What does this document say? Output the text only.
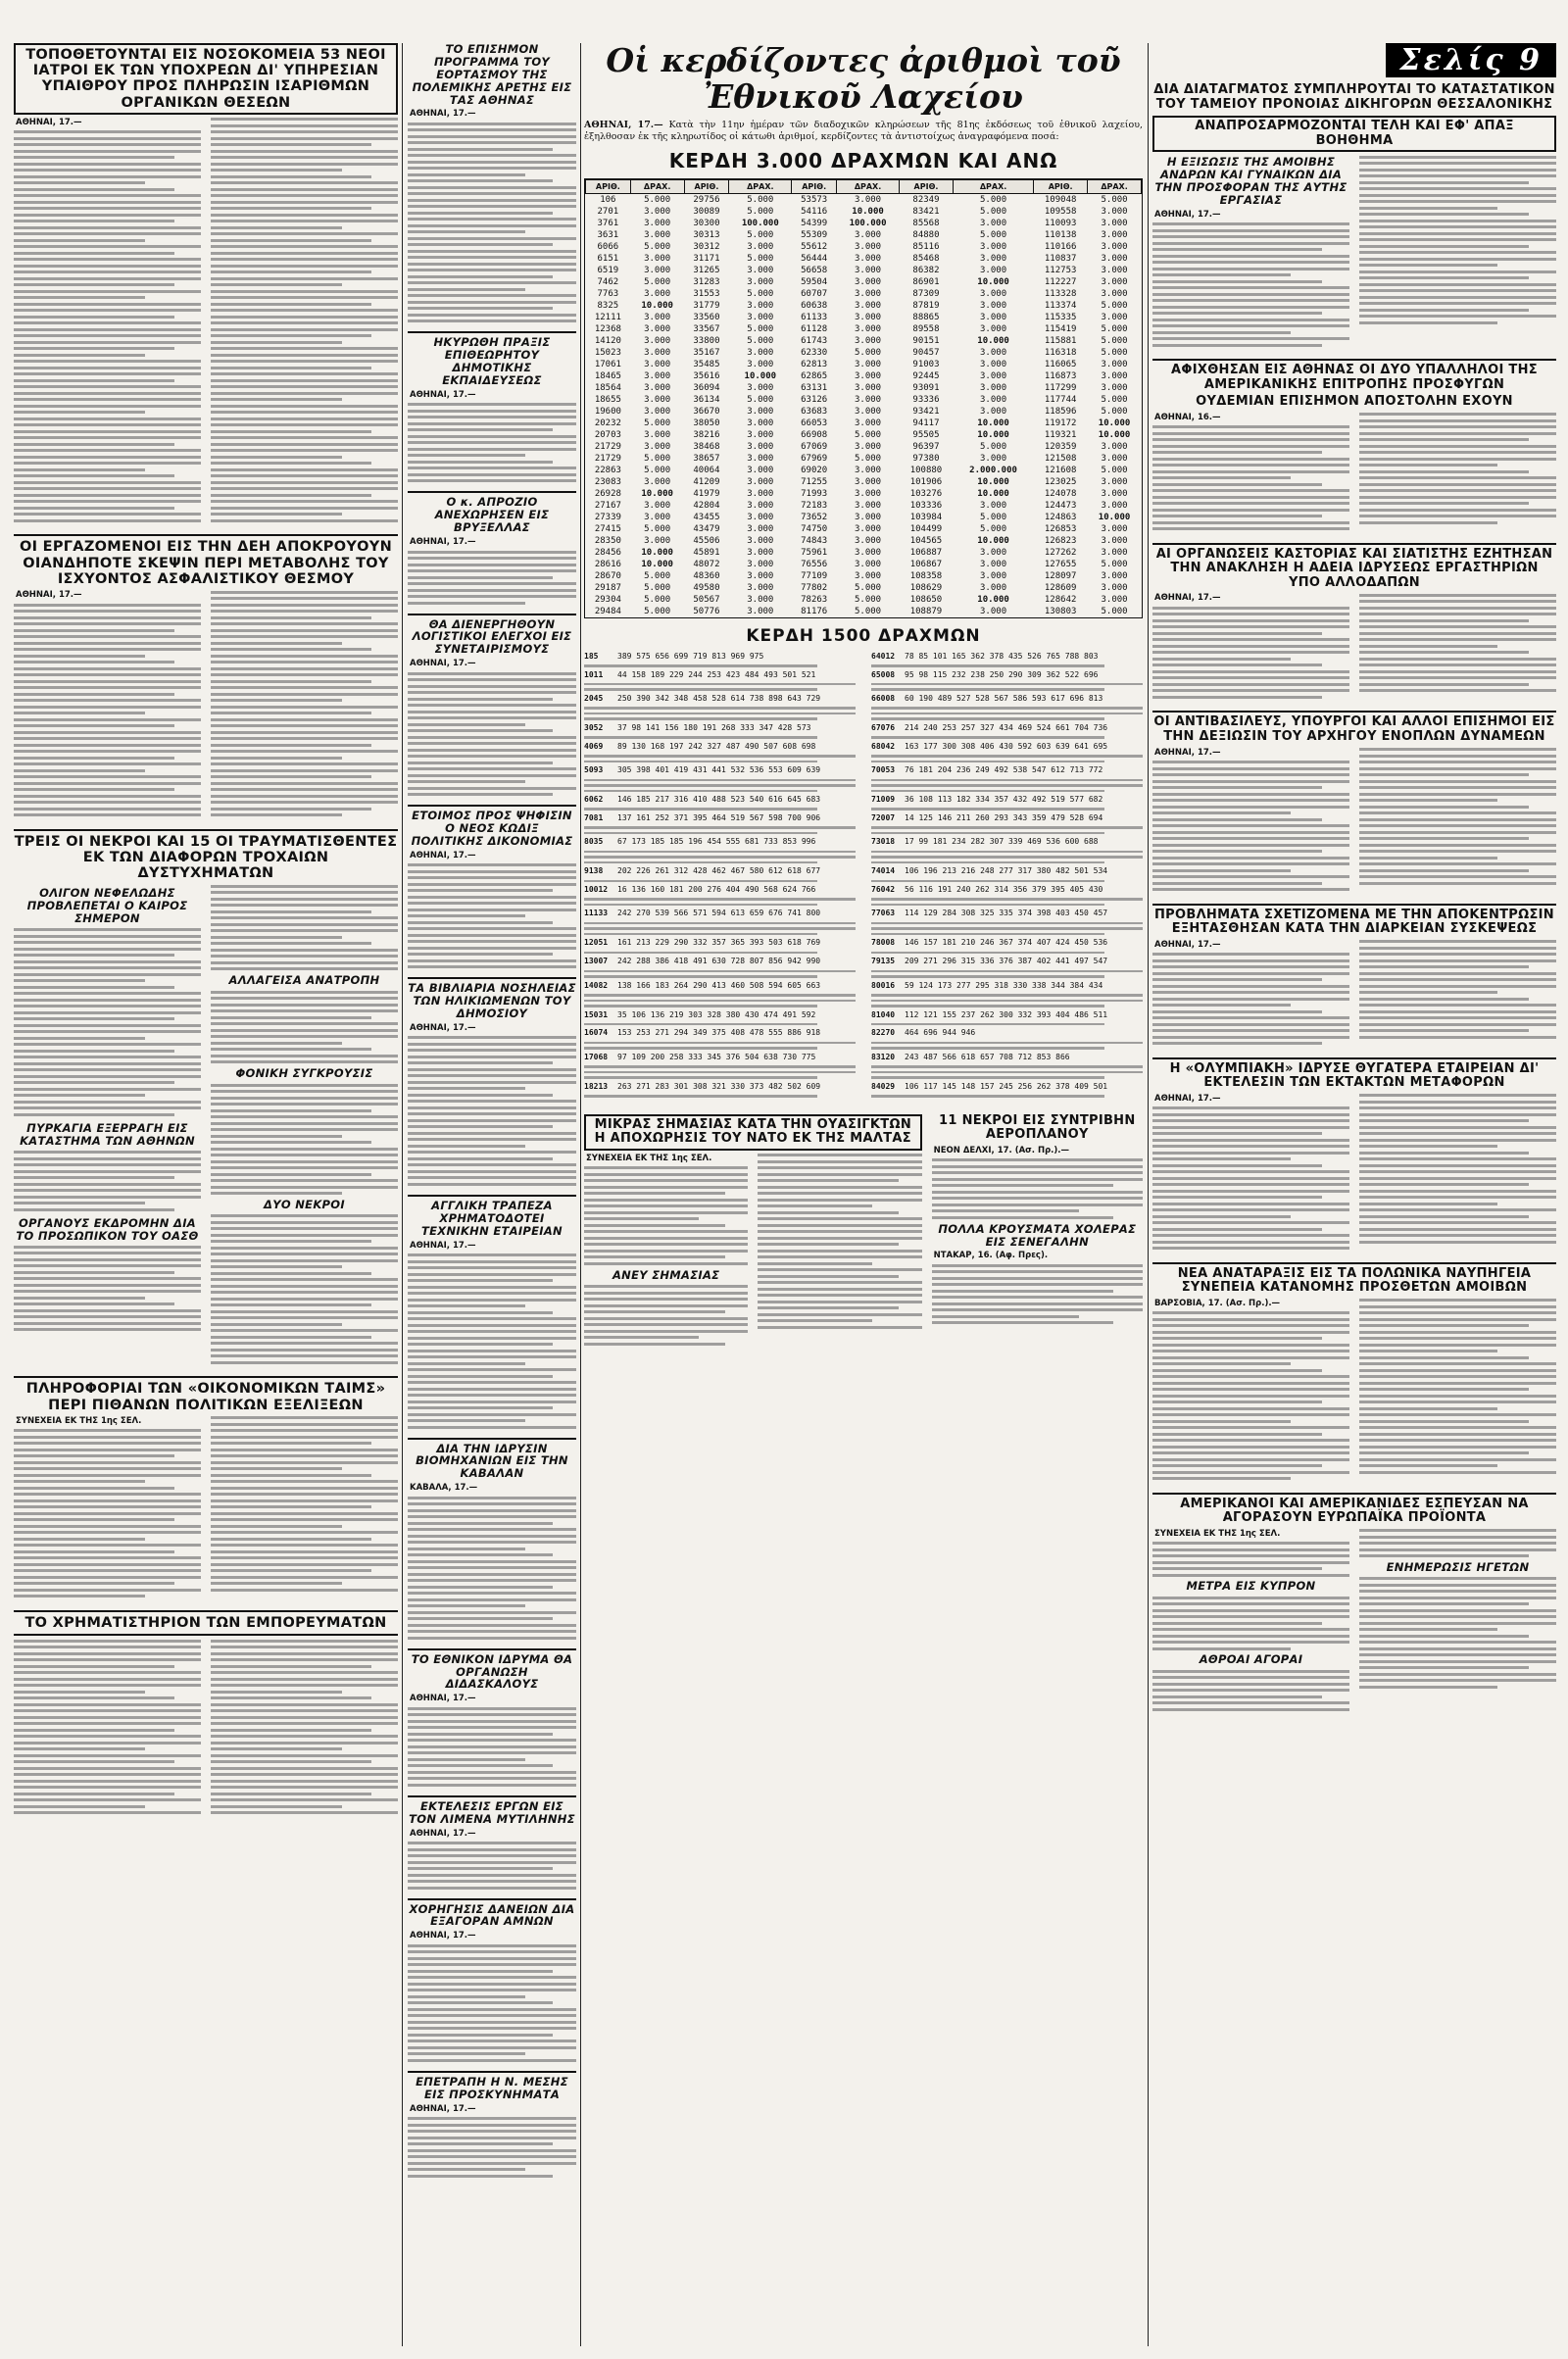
ΤΟΠΟΘΕΤΟΥΝΤΑΙ ΕΙΣ ΝΟΣΟΚΟΜΕΙΑ 53 ΝΕΟΙ ΙΑΤΡΟΙ ΕΚ ΤΩΝ ΥΠΟΧΡΕΩΝ ΔΙ' ΥΠΗΡΕΣΙΑΝ ΥΠΑΙΘΡΟΥ ΠΡΟΣ ΠΛΗΡΩΣΙΝ ΙΣΑΡΙΘΜΩΝ ΟΡΓΑΝΙΚΩΝ ΘΕΣΕΩΝ
ΑΘΗΝΑΙ, 17.—
ΟΙ ΕΡΓΑΖΟΜΕΝΟΙ ΕΙΣ ΤΗΝ ΔΕΗ ΑΠΟΚΡΟΥΟΥΝ ΟΙΑΝΔΗΠΟΤΕ ΣΚΕΨΙΝ ΠΕΡΙ ΜΕΤΑΒΟΛΗΣ ΤΟΥ ΙΣΧΥΟΝΤΟΣ ΑΣΦΑΛΙΣΤΙΚΟΥ ΘΕΣΜΟΥ
ΑΘΗΝΑΙ, 17.—
ΤΡΕΙΣ ΟΙ ΝΕΚΡΟΙ ΚΑΙ 15 ΟΙ ΤΡΑΥΜΑΤΙΣΘΕΝΤΕΣ ΕΚ ΤΩΝ ΔΙΑΦΟΡΩΝ ΤΡΟΧΑΙΩΝ ΔΥΣΤΥΧΗΜΑΤΩΝ
ΟΛΙΓΟΝ ΝΕΦΕΛΩΔΗΣ ΠΡΟΒΛΕΠΕΤΑΙ Ο ΚΑΙΡΟΣ ΣΗΜΕΡΟΝ
ΠΥΡΚΑΓΙΑ ΕΞΕΡΡΑΓΗ ΕΙΣ ΚΑΤΑΣΤΗΜΑ ΤΩΝ ΑΘΗΝΩΝ
ΟΡΓΑΝΟΥΣ ΕΚΔΡΟΜΗΝ ΔΙΑ ΤΟ ΠΡΟΣΩΠΙΚΟΝ ΤΟΥ ΟΑΣΘ
ΑΛΛΑΓΕΙΣΑ ΑΝΑΤΡΟΠΗ
ΦΟΝΙΚΗ ΣΥΓΚΡΟΥΣΙΣ
ΔΥΟ ΝΕΚΡΟΙ
ΠΛΗΡΟΦΟΡΙΑΙ ΤΩΝ «ΟΙΚΟΝΟΜΙΚΩΝ ΤΑΙΜΣ» ΠΕΡΙ ΠΙΘΑΝΩΝ ΠΟΛΙΤΙΚΩΝ ΕΞΕΛΙΞΕΩΝ
ΣΥΝΕΧΕΙΑ ΕΚ ΤΗΣ 1ης ΣΕΛ.
ΤΟ ΧΡΗΜΑΤΙΣΤΗΡΙΟΝ ΤΩΝ ΕΜΠΟΡΕΥΜΑΤΩΝ
ΤΟ ΕΠΙΣΗΜΟΝ ΠΡΟΓΡΑΜΜΑ ΤΟΥ ΕΟΡΤΑΣΜΟΥ ΤΗΣ ΠΟΛΕΜΙΚΗΣ ΑΡΕΤΗΣ ΕΙΣ ΤΑΣ ΑΘΗΝΑΣ
ΑΘΗΝΑΙ, 17.—
ΗΚΥΡΩΘΗ ΠΡΑΞΙΣ ΕΠΙΘΕΩΡΗΤΟΥ ΔΗΜΟΤΙΚΗΣ ΕΚΠΑΙΔΕΥΣΕΩΣ
ΑΘΗΝΑΙ, 17.—
Ο κ. ΑΠΡΟΖΙΟ ΑΝΕΧΩΡΗΣΕΝ ΕΙΣ ΒΡΥΞΕΛΛΑΣ
ΑΘΗΝΑΙ, 17.—
ΘΑ ΔΙΕΝΕΡΓΗΘΟΥΝ ΛΟΓΙΣΤΙΚΟΙ ΕΛΕΓΧΟΙ ΕΙΣ ΣΥΝΕΤΑΙΡΙΣΜΟΥΣ
ΑΘΗΝΑΙ, 17.—
ΕΤΟΙΜΟΣ ΠΡΟΣ ΨΗΦΙΣΙΝ Ο ΝΕΟΣ ΚΩΔΙΞ ΠΟΛΙΤΙΚΗΣ ΔΙΚΟΝΟΜΙΑΣ
ΑΘΗΝΑΙ, 17.—
ΤΑ ΒΙΒΛΙΑΡΙΑ ΝΟΣΗΛΕΙΑΣ ΤΩΝ ΗΛΙΚΙΩΜΕΝΩΝ ΤΟΥ ΔΗΜΟΣΙΟΥ
ΑΘΗΝΑΙ, 17.—
ΑΓΓΛΙΚΗ ΤΡΑΠΕΖΑ ΧΡΗΜΑΤΟΔΟΤΕΙ ΤΕΧΝΙΚΗΝ ΕΤΑΙΡΕΙΑΝ
ΑΘΗΝΑΙ, 17.—
ΔΙΑ ΤΗΝ ΙΔΡΥΣΙΝ ΒΙΟΜΗΧΑΝΙΩΝ ΕΙΣ ΤΗΝ ΚΑΒΑΛΑΝ
ΚΑΒΑΛΑ, 17.—
ΤΟ ΕΘΝΙΚΟΝ ΙΔΡΥΜΑ ΘΑ ΟΡΓΑΝΩΣΗ ΔΙΔΑΣΚΑΛΟΥΣ
ΑΘΗΝΑΙ, 17.—
ΕΚΤΕΛΕΣΙΣ ΕΡΓΩΝ ΕΙΣ ΤΟΝ ΛΙΜΕΝΑ ΜΥΤΙΛΗΝΗΣ
ΑΘΗΝΑΙ, 17.—
ΧΟΡΗΓΗΣΙΣ ΔΑΝΕΙΩΝ ΔΙΑ ΕΞΑΓΟΡΑΝ ΑΜΝΩΝ
ΑΘΗΝΑΙ, 17.—
ΕΠΕΤΡΑΠΗ Η Ν. ΜΕΣΗΣ ΕΙΣ ΠΡΟΣΚΥΝΗΜΑΤΑ
ΑΘΗΝΑΙ, 17.—
Οἱ κερδίζοντες ἀριθμοὶ τοῦ Ἐθνικοῦ Λαχείου
ΑΘΗΝΑΙ, 17.— Κατὰ τὴν 11ην ἡμέραν τῶν διαδοχικῶν κληρώσεων τῆς 81ης ἐκδόσεως τοῦ ἐθνικοῦ λαχείου, ἐξηλθοσαν ἐκ τῆς κληρωτίδος οἱ κάτωθι ἀριθμοί, κερδίζοντες τὰ ἀντιστοίχως ἀναγραφόμενα ποσά:
ΚΕΡΔΗ 3.000 ΔΡΑΧΜΩΝ ΚΑΙ ΑΝΩ
ΑΡΙΘ.	ΔΡΑΧ.	ΑΡΙΘ.	ΔΡΑΧ.	ΑΡΙΘ.	ΔΡΑΧ.	ΑΡΙΘ.	ΔΡΑΧ.	ΑΡΙΘ.	ΔΡΑΧ.
106	5.000	29756	5.000	53573	3.000	82349	5.000	109048	5.000
2701	3.000	30089	5.000	54116	10.000	83421	5.000	109558	3.000
3761	3.000	30300	100.000	54399	100.000	85568	3.000	110093	3.000
3631	3.000	30313	5.000	55309	3.000	84880	5.000	110138	3.000
6066	5.000	30312	3.000	55612	3.000	85116	3.000	110166	3.000
6151	3.000	31171	5.000	56444	3.000	85468	3.000	110837	3.000
6519	3.000	31265	3.000	56658	3.000	86382	3.000	112753	3.000
7462	5.000	31283	3.000	59504	3.000	86901	10.000	112227	3.000
7763	3.000	31553	5.000	60707	3.000	87309	3.000	113328	3.000
8325	10.000	31779	3.000	60638	3.000	87819	3.000	113374	5.000
12111	3.000	33560	3.000	61133	3.000	88865	3.000	115335	3.000
12368	3.000	33567	5.000	61128	3.000	89558	3.000	115419	5.000
14120	3.000	33800	5.000	61743	3.000	90151	10.000	115881	5.000
15023	3.000	35167	3.000	62330	5.000	90457	3.000	116318	5.000
17061	3.000	35485	3.000	62813	3.000	91003	3.000	116065	3.000
18465	3.000	35616	10.000	62865	3.000	92445	3.000	116873	3.000
18564	3.000	36094	3.000	63131	3.000	93091	3.000	117299	3.000
18655	3.000	36134	5.000	63126	3.000	93336	3.000	117744	5.000
19600	3.000	36670	3.000	63683	3.000	93421	3.000	118596	5.000
20232	5.000	38050	3.000	66053	3.000	94117	10.000	119172	10.000
20703	3.000	38216	3.000	66908	5.000	95505	10.000	119321	10.000
21729	3.000	38468	3.000	67069	3.000	96397	5.000	120359	3.000
21729	5.000	38657	3.000	67969	5.000	97380	3.000	121508	3.000
22863	5.000	40064	3.000	69020	3.000	100880	2.000.000	121608	5.000
23083	3.000	41209	3.000	71255	3.000	101906	10.000	123025	3.000
26928	10.000	41979	3.000	71993	3.000	103276	10.000	124078	3.000
27167	3.000	42804	3.000	72183	3.000	103336	3.000	124473	3.000
27339	3.000	43455	3.000	73652	3.000	103984	5.000	124863	10.000
27415	5.000	43479	3.000	74750	3.000	104499	5.000	126853	3.000
28350	3.000	45506	3.000	74843	3.000	104565	10.000	126823	3.000
28456	10.000	45891	3.000	75961	3.000	106887	3.000	127262	3.000
28616	10.000	48072	3.000	76556	3.000	106867	3.000	127655	5.000
28670	5.000	48360	3.000	77109	3.000	108358	3.000	128097	3.000
29187	5.000	49580	3.000	77802	5.000	108629	3.000	128609	3.000
29304	5.000	50567	3.000	78263	5.000	108650	10.000	128642	3.000
29484	5.000	50776	3.000	81176	5.000	108879	3.000	130803	5.000
ΚΕΡΔΗ 1500 ΔΡΑΧΜΩΝ
185	389 575 656 699 719 813 969 975
1011	44 158 189 229 244 253 423 484 493 501 521
2045	250 390 342 348 458 528 614 738 898 643 729
3052	37 98 141 156 180 191 268 333 347 428 573
4069	89 130 168 197 242 327 487 490 507 608 698
5093	305 398 401 419 431 441 532 536 553 609 639
6062	146 185 217 316 410 488 523 540 616 645 683
7081	137 161 252 371 395 464 519 567 598 700 906
8035	67 173 185 185 196 454 555 681 733 853 996
9138	202 226 261 312 428 462 467 580 612 618 677
10012	16 136 160 181 200 276 404 490 568 624 766
11133	242 270 539 566 571 594 613 659 676 741 800
12051	161 213 229 290 332 357 365 393 503 618 769
13007	242 288 386 418 491 630 728 807 856 942 990
14082	138 166 183 264 290 413 460 508 594 605 663
15031	35 106 136 219 303 328 380 430 474 491 592
16074	153 253 271 294 349 375 408 478 555 886 918
17068	97 109 200 258 333 345 376 504 638 730 775
18213	263 271 283 301 308 321 330 373 482 502 609
64012	78 85 101 165 362 378 435 526 765 788 803
65008	95 98 115 232 238 250 290 309 362 522 696
66008	60 190 489 527 528 567 586 593 617 696 813
67076	214 240 253 257 327 434 469 524 661 704 736
68042	163 177 300 308 406 430 592 603 639 641 695
70053	76 181 204 236 249 492 538 547 612 713 772
71009	36 108 113 182 334 357 432 492 519 577 682
72007	14 125 146 211 260 293 343 359 479 528 694
73018	17 99 181 234 282 307 339 469 536 600 688
74014	106 196 213 216 248 277 317 380 482 501 534
76042	56 116 191 240 262 314 356 379 395 405 430
77063	114 129 284 308 325 335 374 398 403 450 457
78008	146 157 181 210 246 367 374 407 424 450 536
79135	209 271 296 315 336 376 387 402 441 497 547
80016	59 124 173 277 295 318 330 338 344 384 434
81040	112 121 155 237 262 300 332 393 404 486 511
82270	464 696 944 946
83120	243 487 566 618 657 708 712 853 866
84029	106 117 145 148 157 245 256 262 378 409 501
ΜΙΚΡΑΣ ΣΗΜΑΣΙΑΣ ΚΑΤΑ ΤΗΝ ΟΥΑΣΙΓΚΤΩΝ Η ΑΠΟΧΩΡΗΣΙΣ ΤΟΥ ΝΑΤΟ ΕΚ ΤΗΣ ΜΑΛΤΑΣ
ΣΥΝΕΧΕΙΑ ΕΚ ΤΗΣ 1ης ΣΕΛ.
ΑΝΕΥ ΣΗΜΑΣΙΑΣ
11 ΝΕΚΡΟΙ ΕΙΣ ΣΥΝΤΡΙΒΗΝ ΑΕΡΟΠΛΑΝΟΥ
ΝΕΟΝ ΔΕΛΧΙ, 17. (Ασ. Πρ.).—
ΠΟΛΛΑ ΚΡΟΥΣΜΑΤΑ ΧΟΛΕΡΑΣ ΕΙΣ ΣΕΝΕΓΑΛΗΝ
ΝΤΑΚΑΡ, 16. (Αφ. Πρες).
Σελίς 9
ΔΙΑ ΔΙΑΤΑΓΜΑΤΟΣ ΣΥΜΠΛΗΡΟΥΤΑΙ ΤΟ ΚΑΤΑΣΤΑΤΙΚΟΝ ΤΟΥ ΤΑΜΕΙΟΥ ΠΡΟΝΟΙΑΣ ΔΙΚΗΓΟΡΩΝ ΘΕΣΣΑΛΟΝΙΚΗΣ
ΑΝΑΠΡΟΣΑΡΜΟΖΟΝΤΑΙ ΤΕΛΗ ΚΑΙ ΕΦ' ΑΠΑΞ ΒΟΗΘΗΜΑ
Η ΕΞΙΣΩΣΙΣ ΤΗΣ ΑΜΟΙΒΗΣ ΑΝΔΡΩΝ ΚΑΙ ΓΥΝΑΙΚΩΝ ΔΙΑ ΤΗΝ ΠΡΟΣΦΟΡΑΝ ΤΗΣ ΑΥΤΗΣ ΕΡΓΑΣΙΑΣ
ΑΘΗΝΑΙ, 17.—
ΑΦΙΧΘΗΣΑΝ ΕΙΣ ΑΘΗΝΑΣ ΟΙ ΔΥΟ ΥΠΑΛΛΗΛΟΙ ΤΗΣ ΑΜΕΡΙΚΑΝΙΚΗΣ ΕΠΙΤΡΟΠΗΣ ΠΡΟΣΦΥΓΩΝ
ΟΥΔΕΜΙΑΝ ΕΠΙΣΗΜΟΝ ΑΠΟΣΤΟΛΗΝ ΕΧΟΥΝ
ΑΘΗΝΑΙ, 16.—
ΑΙ ΟΡΓΑΝΩΣΕΙΣ ΚΑΣΤΟΡΙΑΣ ΚΑΙ ΣΙΑΤΙΣΤΗΣ ΕΖΗΤΗΣΑΝ ΤΗΝ ΑΝΑΚΛΗΣΗ Η ΑΔΕΙΑ ΙΔΡΥΣΕΩΣ ΕΡΓΑΣΤΗΡΙΩΝ ΥΠΟ ΑΛΛΟΔΑΠΩΝ
ΑΘΗΝΑΙ, 17.—
ΟΙ ΑΝΤΙΒΑΣΙΛΕΥΣ, ΥΠΟΥΡΓΟΙ ΚΑΙ ΑΛΛΟΙ ΕΠΙΣΗΜΟΙ ΕΙΣ ΤΗΝ ΔΕΞΙΩΣΙΝ ΤΟΥ ΑΡΧΗΓΟΥ ΕΝΟΠΛΩΝ ΔΥΝΑΜΕΩΝ
ΑΘΗΝΑΙ, 17.—
ΠΡΟΒΛΗΜΑΤΑ ΣΧΕΤΙΖΟΜΕΝΑ ΜΕ ΤΗΝ ΑΠΟΚΕΝΤΡΩΣΙΝ ΕΞΗΤΑΣΘΗΣΑΝ ΚΑΤΑ ΤΗΝ ΔΙΑΡΚΕΙΑΝ ΣΥΣΚΕΨΕΩΣ
ΑΘΗΝΑΙ, 17.—
Η «ΟΛΥΜΠΙΑΚΗ» ΙΔΡΥΣΕ ΘΥΓΑΤΕΡΑ ΕΤΑΙΡΕΙΑΝ ΔΙ' ΕΚΤΕΛΕΣΙΝ ΤΩΝ ΕΚΤΑΚΤΩΝ ΜΕΤΑΦΟΡΩΝ
ΑΘΗΝΑΙ, 17.—
ΝΕΑ ΑΝΑΤΑΡΑΞΙΣ ΕΙΣ ΤΑ ΠΟΛΩΝΙΚΑ ΝΑΥΠΗΓΕΙΑ ΣΥΝΕΠΕΙΑ ΚΑΤΑΝΟΜΗΣ ΠΡΟΣΘΕΤΩΝ ΑΜΟΙΒΩΝ
ΒΑΡΣΟΒΙΑ, 17. (Ασ. Πρ.).—
ΑΜΕΡΙΚΑΝΟΙ ΚΑΙ ΑΜΕΡΙΚΑΝΙΔΕΣ ΕΣΠΕΥΣΑΝ ΝΑ ΑΓΟΡΑΣΟΥΝ ΕΥΡΩΠΑΪΚΑ ΠΡΟΪΟΝΤΑ
ΣΥΝΕΧΕΙΑ ΕΚ ΤΗΣ 1ης ΣΕΛ.
ΜΕΤΡΑ ΕΙΣ ΚΥΠΡΟΝ
ΑΘΡΟΑΙ ΑΓΟΡΑΙ
ΕΝΗΜΕΡΩΣΙΣ ΗΓΕΤΩΝ
